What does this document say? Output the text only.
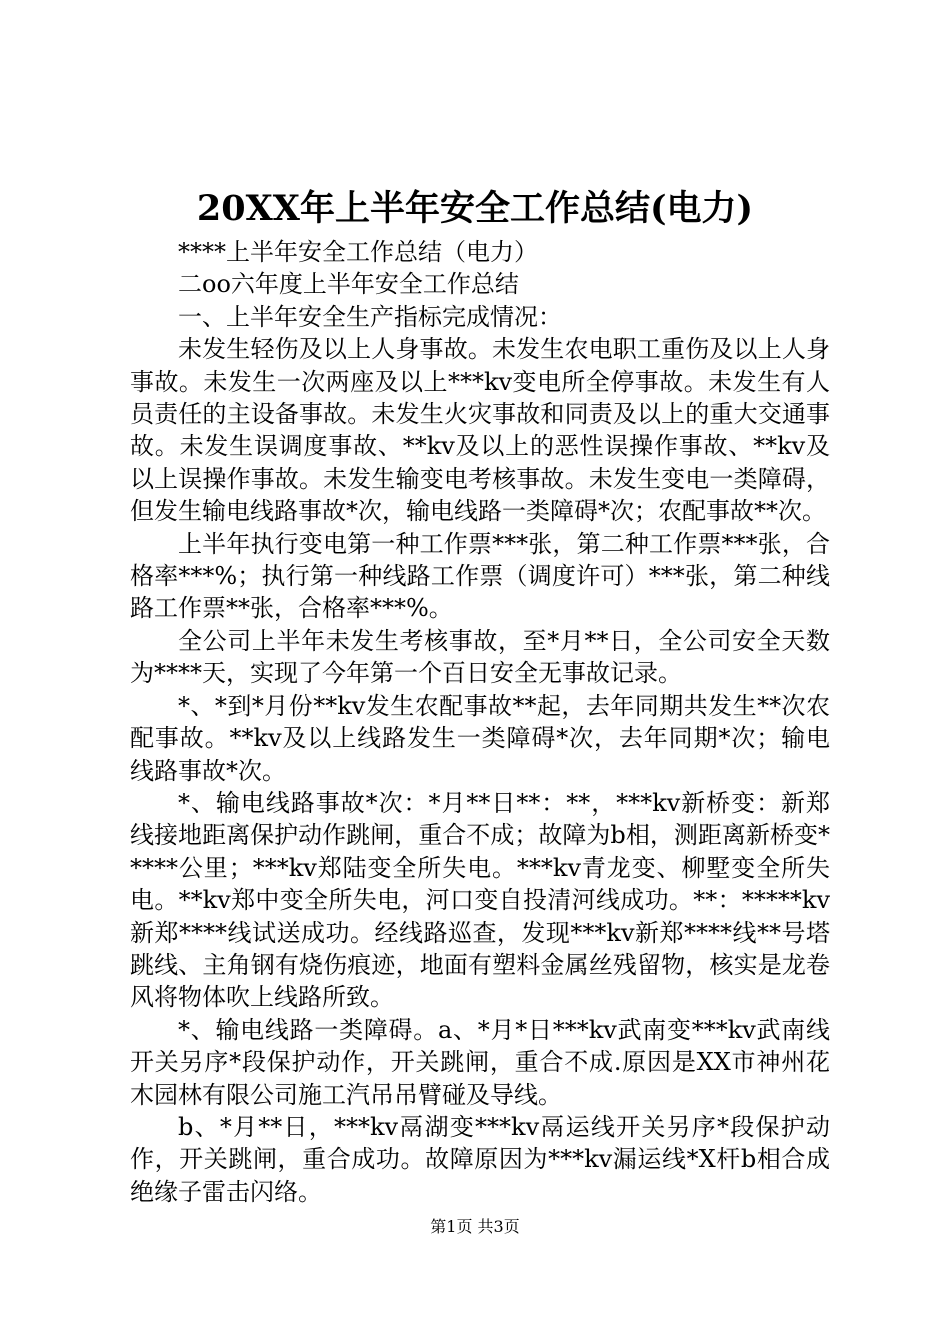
20XX年上半年安全工作总结(电力)

****上半年安全工作总结（电力）

二oo六年度上半年安全工作总结

一、上半年安全生产指标完成情况：

未发生轻伤及以上人身事故。未发生农电职工重伤及以上人身事故。未发生一次两座及以上***kv变电所全停事故。未发生有人员责任的主设备事故。未发生火灾事故和同责及以上的重大交通事故。未发生误调度事故、**kv及以上的恶性误操作事故、**kv及以上误操作事故。未发生输变电考核事故。未发生变电一类障碍，但发生输电线路事故*次，输电线路一类障碍*次；农配事故**次。

上半年执行变电第一种工作票***张，第二种工作票***张，合格率***%；执行第一种线路工作票（调度许可）***张，第二种线路工作票**张，合格率***%。

全公司上半年未发生考核事故，至*月**日，全公司安全天数为****天，实现了今年第一个百日安全无事故记录。

*、*到*月份**kv发生农配事故**起，去年同期共发生**次农配事故。**kv及以上线路发生一类障碍*次，去年同期*次；输电线路事故*次。

*、输电线路事故*次：*月**日**：**，***kv新桥变：新郑线接地距离保护动作跳闸，重合不成；故障为b相，测距离新桥变*****公里；***kv郑陆变全所失电。***kv青龙变、柳墅变全所失电。**kv郑中变全所失电，河口变自投清河线成功。**：*****kv新郑****线试送成功。经线路巡查，发现***kv新郑****线**号塔跳线、主角钢有烧伤痕迹，地面有塑料金属丝残留物，核实是龙卷风将物体吹上线路所致。

*、输电线路一类障碍。a、*月*日***kv武南变***kv武南线开关另序*段保护动作，开关跳闸，重合不成.原因是XX市神州花木园林有限公司施工汽吊吊臂碰及导线。

b、*月**日，***kv鬲湖变***kv鬲运线开关另序*段保护动作，开关跳闸，重合成功。故障原因为***kv漏运线*X杆b相合成绝缘子雷击闪络。

第1页 共3页
